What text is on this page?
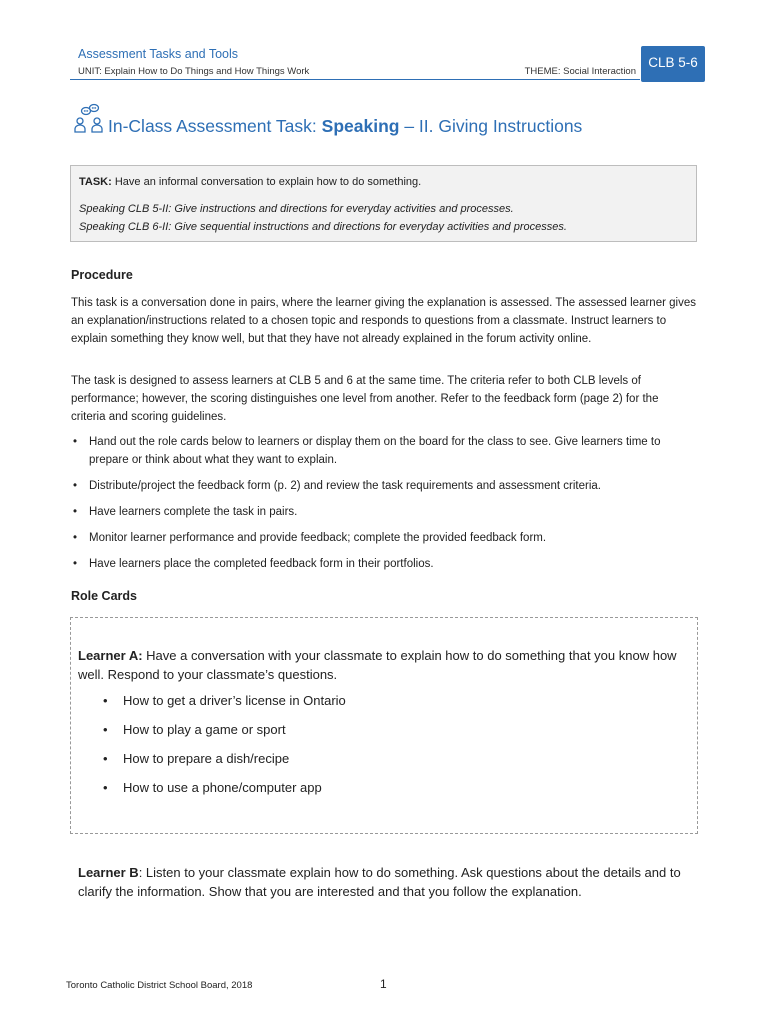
Assessment Tasks and Tools
UNIT: Explain How to Do Things and How Things Work	THEME: Social Interaction
CLB 5-6
In-Class Assessment Task: Speaking – II. Giving Instructions

TASK: Have an informal conversation to explain how to do something.

Speaking CLB 5-II: Give instructions and directions for everyday activities and processes.

Speaking CLB 6-II: Give sequential instructions and directions for everyday activities and processes.

Procedure

This task is a conversation done in pairs, where the learner giving the explanation is assessed. The assessed learner gives an explanation/instructions related to a chosen topic and responds to questions from a classmate. Instruct learners to explain something they know well, but that they have not already explained in the forum activity online.

The task is designed to assess learners at CLB 5 and 6 at the same time. The criteria refer to both CLB levels of performance; however, the scoring distinguishes one level from another. Refer to the feedback form (page 2) for the criteria and scoring guidelines.

• Hand out the role cards below to learners or display them on the board for the class to see. Give learners time to prepare or think about what they want to explain.
• Distribute/project the feedback form (p. 2) and review the task requirements and assessment criteria.
• Have learners complete the task in pairs.
• Monitor learner performance and provide feedback; complete the provided feedback form.
• Have learners place the completed feedback form in their portfolios.
Role Cards

Learner A: Have a conversation with your classmate to explain how to do something that you know how well. Respond to your classmate’s questions.

• How to get a driver’s license in Ontario
• How to play a game or sport
• How to prepare a dish/recipe
• How to use a phone/computer app

Learner B: Listen to your classmate explain how to do something. Ask questions about the details and to clarify the information. Show that you are interested and that you follow the explanation.

Toronto Catholic District School Board, 2018	1
